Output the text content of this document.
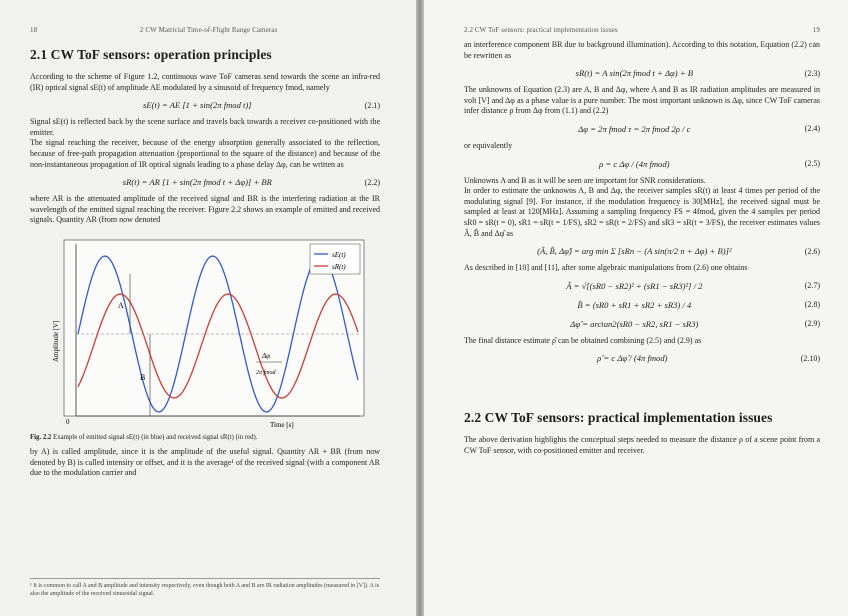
18	2 CW Matricial Time-of-Flight Range Cameras
2.1 CW ToF sensors: operation principles

According to the scheme of Figure 1.2, continuous wave ToF cameras send towards the scene an infra-red (IR) optical signal sE(t) of amplitude AE modulated by a sinusoid of frequency fmod, namely

sE(t) = AE [1 + sin(2π fmod t)]	(2.1)

Signal sE(t) is reflected back by the scene surface and travels back towards a receiver co-positioned with the emitter.

The signal reaching the receiver, because of the energy absorption generally associated to the reflection, because of free-path propagation attenuation (proportional to the square of the distance) and because of the non-instantaneous propagation of IR optical signals leading to a phase delay Δφ, can be written as

sR(t) = AR [1 + sin(2π fmod t + Δφ)] + BR	(2.2)

where AR is the attenuated amplitude of the received signal and BR is the interfering radiation at the IR wavelength of the emitted signal reaching the receiver. Figure 2.2 shows an example of emitted and received signals. Quantity AR (from now denoted

A
B
Δφ
2π fmod
sE(t)
sR(t)
0	Time [s]
Amplitude [V]
Fig. 2.2 Example of emitted signal sE(t) (in blue) and received signal sR(t) (in red).

by A) is called amplitude, since it is the amplitude of the useful signal. Quantity AR + BR (from now denoted by B) is called intensity or offset, and it is the average¹ of the received signal (with a component AR due to the modulation carrier and

¹ It is common to call A and B amplitude and intensity respectively, even though both A and B are IR radiation amplitudes (measured in [V]). A is also the amplitude of the received sinusoidal signal.
2.2 CW ToF sensors: practical implementation issues	19

an interference component BR due to background illumination). According to this notation, Equation (2.2) can be rewritten as

sR(t) = A sin(2π fmod t + Δφ) + B	(2.3)

The unknowns of Equation (2.3) are A, B and Δφ, where A and B as IR radiation amplitudes are measured in volt [V] and Δφ as a phase value is a pure number. The most important unknown is Δφ, since CW ToF cameras infer distance ρ from Δφ from (1.1) and (2.2)

Δφ = 2π fmod τ = 2π fmod 2ρ / c	(2.4)

or equivalently

ρ = c Δφ / (4π fmod)	(2.5)

Unknowns A and B as it will be seen are important for SNR considerations.

In order to estimate the unknowns A, B and Δφ, the receiver samples sR(t) at least 4 times per period of the modulating signal [9]. For instance, if the modulation frequency is 30[MHz], the received signal must be sampled at least at 120[MHz]. Assuming a sampling frequency FS = 4fmod, given the 4 samples per period sR0 = sR(t = 0), sR1 = sR(t = 1/FS), sR2 = sR(t = 2/FS) and sR3 = sR(t = 3/FS), the receiver estimates values Â, B̂ and Δφ̂ as

(Â, B̂, Δφ̂) = arg min Σ [sRn − (A sin(π/2 n + Δφ) + B)]²	(2.6)

As described in [10] and [11], after some algebraic manipulations from (2.6) one obtains

Â = √[(sR0 − sR2)² + (sR1 − sR3)²] / 2	(2.7)
B̂ = (sR0 + sR1 + sR2 + sR3) / 4	(2.8)
Δφ̂ = arctan2(sR0 − sR2, sR1 − sR3)	(2.9)

The final distance estimate ρ̂ can be obtained combining (2.5) and (2.9) as

ρ̂ = c Δφ̂ / (4π fmod)	(2.10)
2.2 CW ToF sensors: practical implementation issues

The above derivation highlights the conceptual steps needed to measure the distance ρ of a scene point from a CW ToF sensor, with co-positioned emitter and receiver.
